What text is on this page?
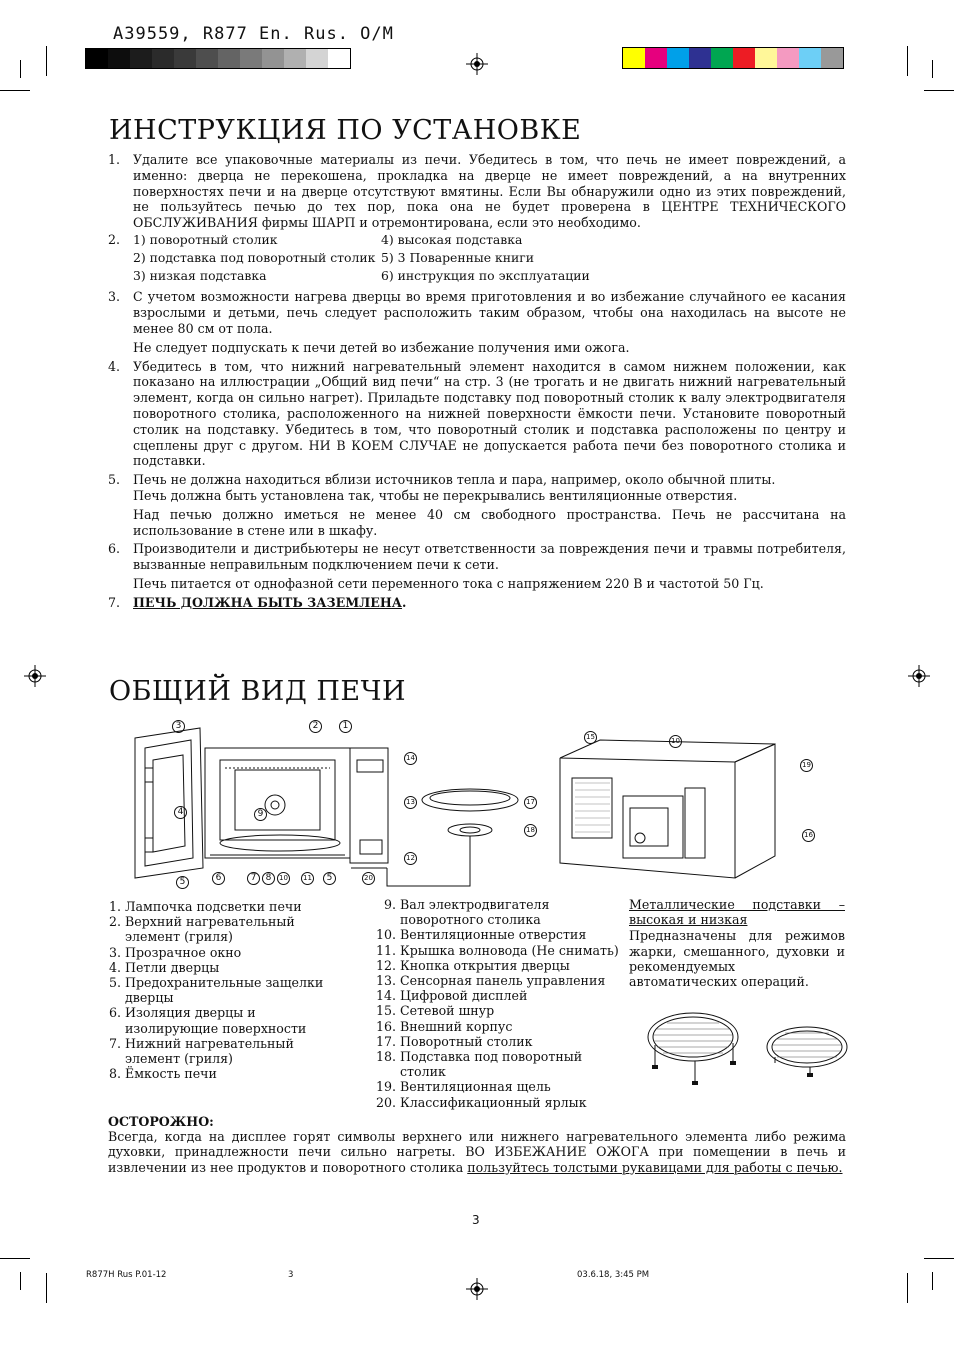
A39559, R877 En. Rus. O/M
ИНСТРУКЦИЯ ПО УСТАНОВКЕ
1.	Удалите все упаковочные материалы из печи. Убедитесь в том, что печь не имеет повреждений, а именно: дверца не перекошена, прокладка на дверце не имеет повреждений, а на внутренних поверхностях печи и на дверце отсутствуют вмятины. Если Вы обнаружили одно из этих повреждений, не пользуйтесь печью до тех пор, пока она не будет проверена в ЦЕНТРЕ ТЕХНИЧЕСКОГО ОБСЛУЖИВАНИЯ фирмы ШАРП и отремонтирована, если это необходимо.
2.	1) поворотный столик	4) высокая подставка
2) подставка под поворотный столик 5) 3 Поваренные книги
3) низкая подставка	6) инструкция по эксплуатации
3.	С учетом возможности нагрева дверцы во время приготовления и во избежание случайного ее касания взрослыми и детьми, печь следует расположить таким образом, чтобы она находилась на высоте не менее 80 см от пола.

Не следует подпускать к печи детей во избежание получения ими ожога.

4.	Убедитесь в том, что нижний нагревательный элемент находится в самом нижнем положении, как показано на иллюстрации „Общий вид печи“ на стр. 3 (не трогать и не двигать нижний нагревательный элемент, когда он сильно нагрет). Приладьте подставку под поворотный столик к валу электродвигателя поворотного столика, расположенного на нижней поверхности ёмкости печи. Установите поворотный столик на подставку. Убедитесь в том, что поворотный столик и подставка расположены по центру и сцеплены друг с другом. НИ В КОЕМ СЛУЧАЕ не допускается работа печи без поворотного столика и подставки.
5.	Печь не должна находиться вблизи источников тепла и пара, например, около обычной плиты.

Печь должна быть установлена так, чтобы не перекрывались вентиляционные отверстия.

Над печью должно иметься не менее 40 см свободного пространства. Печь не рассчитана на использование в стене или в шкафу.

6.	Производители и дистрибьютеры не несут ответственности за повреждения печи и травмы потребителя, вызванные неправильным подключением печи к сети.

Печь питается от однофазной сети переменного тока с напряжением 220 В и частотой 50 Гц.

7.	ПЕЧЬ ДОЛЖНА БЫТЬ ЗАЗЕМЛЕНА.
ОБЩИЙ ВИД ПЕЧИ
3	2	1
14
4
13
9
17
18
12
5	6	7	8	10 11	5	20
15	10
19
16
1. Лампочка подсветки печи
2. Верхний нагревательный элемент (гриля)
3. Прозрачное окно
4. Петли дверцы
5. Предохранительные защелки дверцы
6. Изоляция дверцы и изолирующие поверхности
7. Нижний нагревательный элемент (гриля)
8. Ёмкость печи
9. Вал электродвигателя поворотного столика
10. Вентиляционные отверстия
11. Крышка волновода (Не снимать)
12. Кнопка открытия дверцы
13. Сенсорная панель управления
14. Цифровой дисплей
15. Сетевой шнур
16. Внешний корпус
17. Поворотный столик
18. Подставка под поворотный столик
19. Вентиляционная щель
20. Классификационный ярлык
Металлические подставки – высокая и низкая
Предназначены для режимов жарки, смешанного, духовки и рекомендуемых автоматических операций.
ОСТОРОЖНО:
Всегда, когда на дисплее горят символы верхнего или нижнего нагревательного элемента либо режима духовки, принадлежности печи сильно нагреты. ВО ИЗБЕЖАНИЕ ОЖОГА при помещении в печь и извлечении из нее продуктов и поворотного столика пользуйтесь толстыми рукавицами для работы с печью.
3
R877H Rus P.01-12	3	03.6.18, 3:45 PM
